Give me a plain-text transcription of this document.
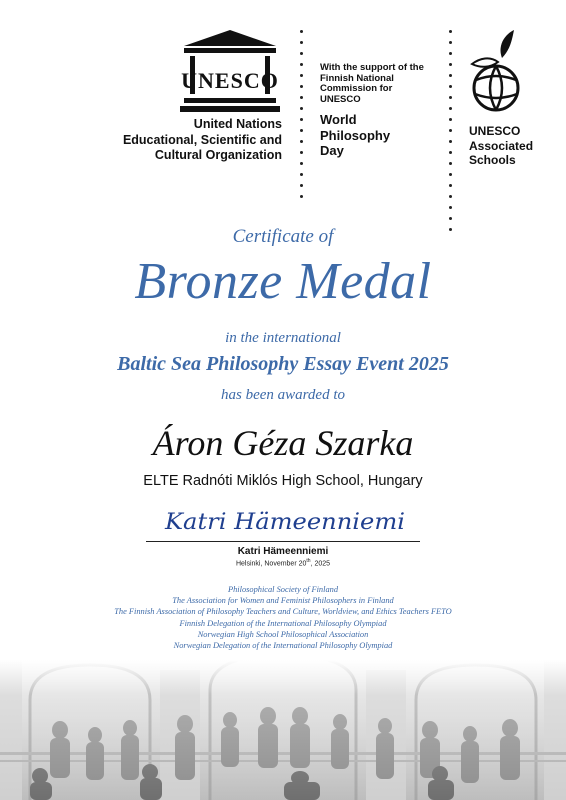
UNESCO
United Nations
Educational, Scientific and
Cultural Organization
With the support of the
Finnish National
Commission for
UNESCO
World
Philosophy
Day
UNESCO
Associated
Schools
Certificate of
Bronze Medal
in the international
Baltic Sea Philosophy Essay Event 2025
has been awarded to
Áron Géza Szarka
ELTE Radnóti Miklós High School, Hungary
Katri Hämeenniemi
Katri Hämeenniemi
Helsinki, November 20th, 2025
Philosophical Society of Finland
The Association for Women and Feminist Philosophers in Finland
The Finnish Association of Philosophy Teachers and Culture, Worldview, and Ethics Teachers FETO
Finnish Delegation of the International Philosophy Olympiad
Norwegian High School Philosophical Association
Norwegian Delegation of the International Philosophy Olympiad
